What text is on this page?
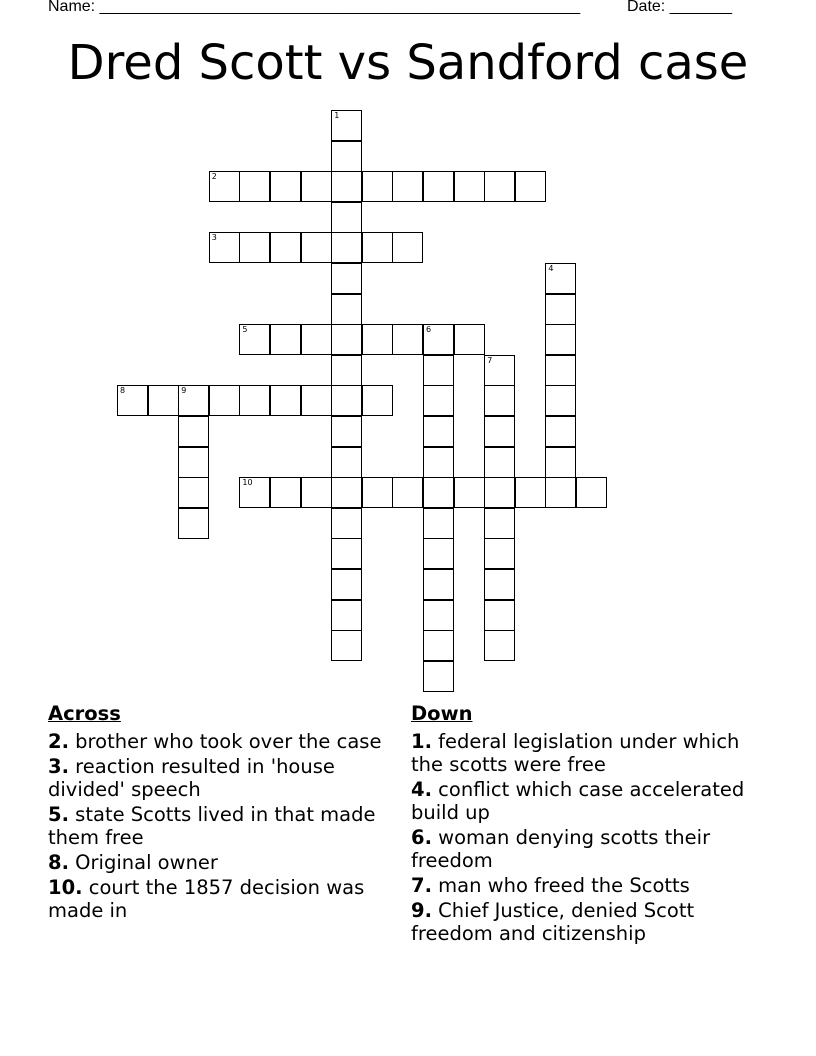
Name: ______________________________________________________	Date: _______
Dred Scott vs Sandford case
1
2
3
4
5	6
7
8	9
10
Across
2. brother who took over the case
3. reaction resulted in 'house divided' speech
5. state Scotts lived in that made them free
8. Original owner
10. court the 1857 decision was made in
Down
1. federal legislation under which the scotts were free
4. conflict which case accelerated build up
6. woman denying scotts their freedom
7. man who freed the Scotts
9. Chief Justice, denied Scott freedom and citizenship
